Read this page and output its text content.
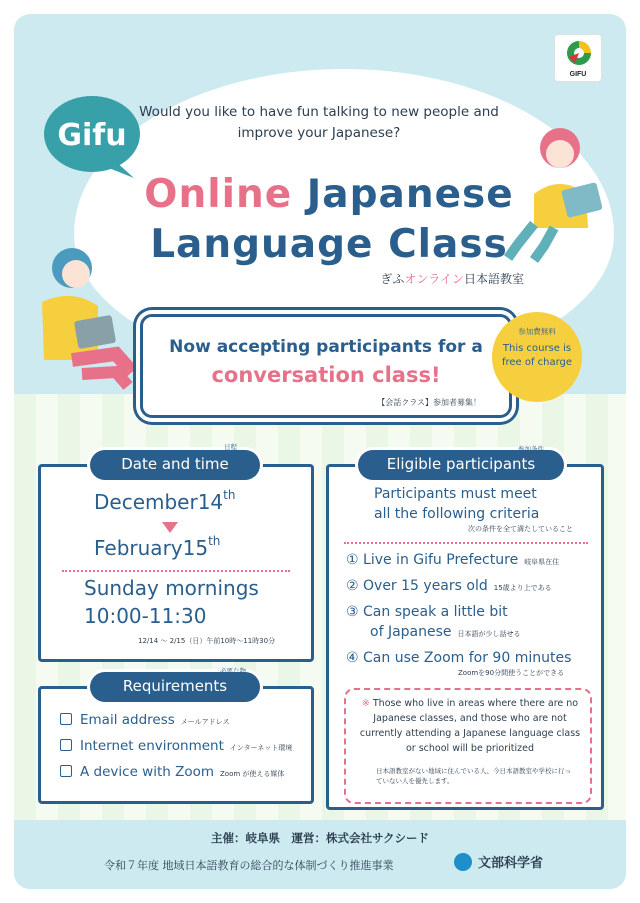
GIFU
Gifu
Would you like to have fun talking to new people and improve your Japanese?
Online Japanese
Language Class
ぎふオンライン日本語教室
Now accepting participants for a
conversation class!
【会話クラス】参加者募集！
参加費無料
This course is free of charge
Date and time
日程
December14th
February15th
Sunday mornings
10:00-11:30
12/14 ～ 2/15（日）午前10時～11時30分
Requirements
必要な物
Email address メールアドレス
Internet environment インターネット環境
A device with Zoom Zoom が使える媒体
Eligible participants
参加条件
Participants must meet
all the following criteria
次の条件を全て満たしていること
① Live in Gifu Prefecture 岐阜県在住
② Over 15 years old 15歳より上である
③ Can speak a little bit
of Japanese 日本語が少し話せる
④ Can use Zoom for 90 minutes
Zoomを90分間使うことができる
※ Those who live in areas where there are no Japanese classes, and those who are not currently attending a Japanese language class or school will be prioritized
日本語教室がない地域に住んでいる人、今日本語教室や学校に行っていない人を優先します。
主催：岐阜県　運営：株式会社サクシード
令和７年度 地域日本語教育の総合的な体制づくり推進事業	文部科学省
